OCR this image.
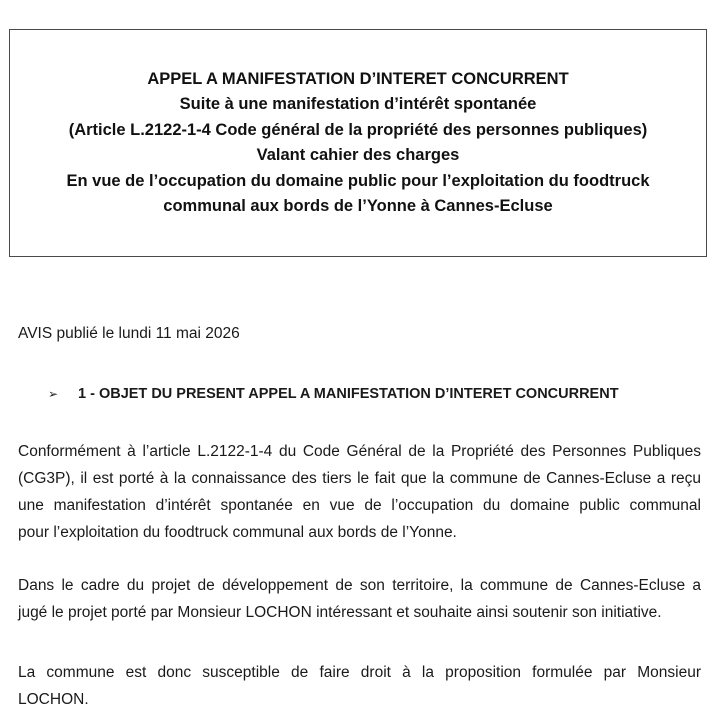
APPEL A MANIFESTATION D’INTERET CONCURRENT
Suite à une manifestation d’intérêt spontanée
(Article L.2122-1-4 Code général de la propriété des personnes publiques)
Valant cahier des charges
En vue de l’occupation du domaine public pour l’exploitation du foodtruck
communal aux bords de l’Yonne à Cannes-Ecluse
AVIS publié le lundi 11 mai 2026
➢	1 - OBJET DU PRESENT APPEL A MANIFESTATION D’INTERET CONCURRENT
Conformément à l’article L.2122-1-4 du Code Général de la Propriété des Personnes Publiques
(CG3P), il est porté à la connaissance des tiers le fait que la commune de Cannes-Ecluse a reçu
une manifestation d’intérêt spontanée en vue de l’occupation du domaine public communal
pour l’exploitation du foodtruck communal aux bords de l’Yonne.
Dans le cadre du projet de développement de son territoire, la commune de Cannes-Ecluse a
jugé le projet porté par Monsieur LOCHON intéressant et souhaite ainsi soutenir son initiative.
La commune est donc susceptible de faire droit à la proposition formulée par Monsieur
LOCHON.
